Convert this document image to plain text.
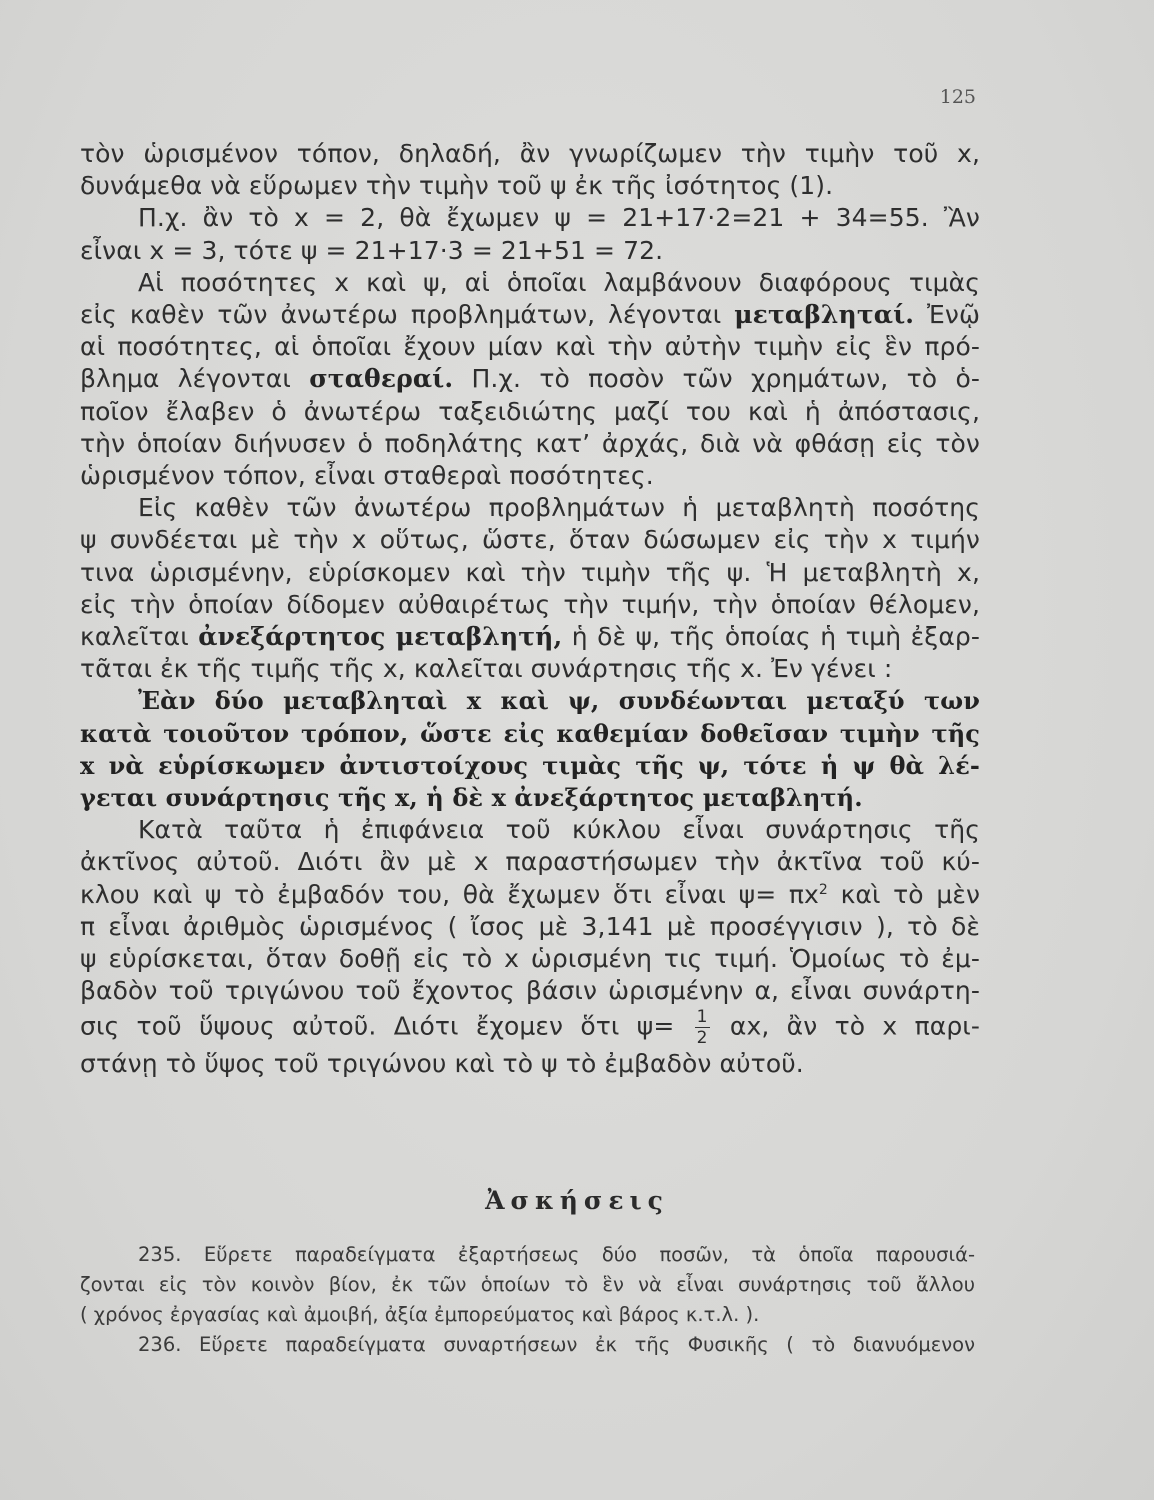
125
τὸν ὡρισμένον τόπον, δηλαδή, ἂν γνωρίζωμεν τὴν τιμὴν τοῦ x,
δυνάμεθα νὰ εὕρωμεν τὴν τιμὴν τοῦ ψ ἐκ τῆς ἰσότητος (1).
Π.χ. ἂν τὸ x = 2, θὰ ἔχωμεν ψ = 21+17·2=21 + 34=55. Ἂν
εἶναι x = 3, τότε ψ = 21+17·3 = 21+51 = 72.
Αἱ ποσότητες x καὶ ψ, αἱ ὁποῖαι λαμβάνουν διαφόρους τιμὰς
εἰς καθὲν τῶν ἀνωτέρω προβλημάτων, λέγονται μεταβληταί. Ἐνῷ
αἱ ποσότητες, αἱ ὁποῖαι ἔχουν μίαν καὶ τὴν αὐτὴν τιμὴν εἰς ἓν πρό-
βλημα λέγονται σταθεραί. Π.χ. τὸ ποσὸν τῶν χρημάτων, τὸ ὁ-
ποῖον ἔλαβεν ὁ ἀνωτέρω ταξειδιώτης μαζί του καὶ ἡ ἀπόστασις,
τὴν ὁποίαν διήνυσεν ὁ ποδηλάτης κατ’ ἀρχάς, διὰ νὰ φθάσῃ εἰς τὸν
ὡρισμένον τόπον, εἶναι σταθεραὶ ποσότητες.
Εἰς καθὲν τῶν ἀνωτέρω προβλημάτων ἡ μεταβλητὴ ποσότης
ψ συνδέεται μὲ τὴν x οὕτως, ὥστε, ὅταν δώσωμεν εἰς τὴν x τιμήν
τινα ὡρισμένην, εὑρίσκομεν καὶ τὴν τιμὴν τῆς ψ. Ἡ μεταβλητὴ x,
εἰς τὴν ὁποίαν δίδομεν αὐθαιρέτως τὴν τιμήν, τὴν ὁποίαν θέλομεν,
καλεῖται ἀνεξάρτητος μεταβλητή, ἡ δὲ ψ, τῆς ὁποίας ἡ τιμὴ ἐξαρ-
τᾶται ἐκ τῆς τιμῆς τῆς x, καλεῖται συνάρτησις τῆς x. Ἐν γένει :
Ἐὰν δύο μεταβληταὶ x καὶ ψ, συνδέωνται μεταξύ των
κατὰ τοιοῦτον τρόπον, ὥστε εἰς καθεμίαν δοθεῖσαν τιμὴν τῆς
x νὰ εὑρίσκωμεν ἀντιστοίχους τιμὰς τῆς ψ, τότε ἡ ψ θὰ λέ-
γεται συνάρτησις τῆς x, ἡ δὲ x ἀνεξάρτητος μεταβλητή.
Κατὰ ταῦτα ἡ ἐπιφάνεια τοῦ κύκλου εἶναι συνάρτησις τῆς
ἀκτῖνος αὐτοῦ. Διότι ἂν μὲ x παραστήσωμεν τὴν ἀκτῖνα τοῦ κύ-
κλου καὶ ψ τὸ ἐμβαδόν του, θὰ ἔχωμεν ὅτι εἶναι $\psi= \pi x^2$ καὶ τὸ μὲν
π εἶναι ἀριθμὸς ὡρισμένος ( ἴσος μὲ 3,141 μὲ προσέγγισιν ), τὸ δὲ
ψ εὑρίσκεται, ὅταν δοθῇ εἰς τὸ x ὡρισμένη τις τιμή. Ὁμοίως τὸ ἐμ-
βαδὸν τοῦ τριγώνου τοῦ ἔχοντος βάσιν ὡρισμένην α, εἶναι συνάρτη-
σις τοῦ ὕψους αὐτοῦ. Διότι ἔχομεν ὅτι $\psi= \frac{1}{2} \alpha x$, ἂν τὸ x παρι-
στάνῃ τὸ ὕψος τοῦ τριγώνου καὶ τὸ ψ τὸ ἐμβαδὸν αὐτοῦ.
Ἀσκήσεις
235. Εὕρετε παραδείγματα ἐξαρτήσεως δύο ποσῶν, τὰ ὁποῖα παρουσιά-
ζονται εἰς τὸν κοινὸν βίον, ἐκ τῶν ὁποίων τὸ ἓν νὰ εἶναι συνάρτησις τοῦ ἄλλου
( χρόνος ἐργασίας καὶ ἀμοιβή, ἀξία ἐμπορεύματος καὶ βάρος κ.τ.λ. ).
236. Εὕρετε παραδείγματα συναρτήσεων ἐκ τῆς Φυσικῆς ( τὸ διανυόμενον
